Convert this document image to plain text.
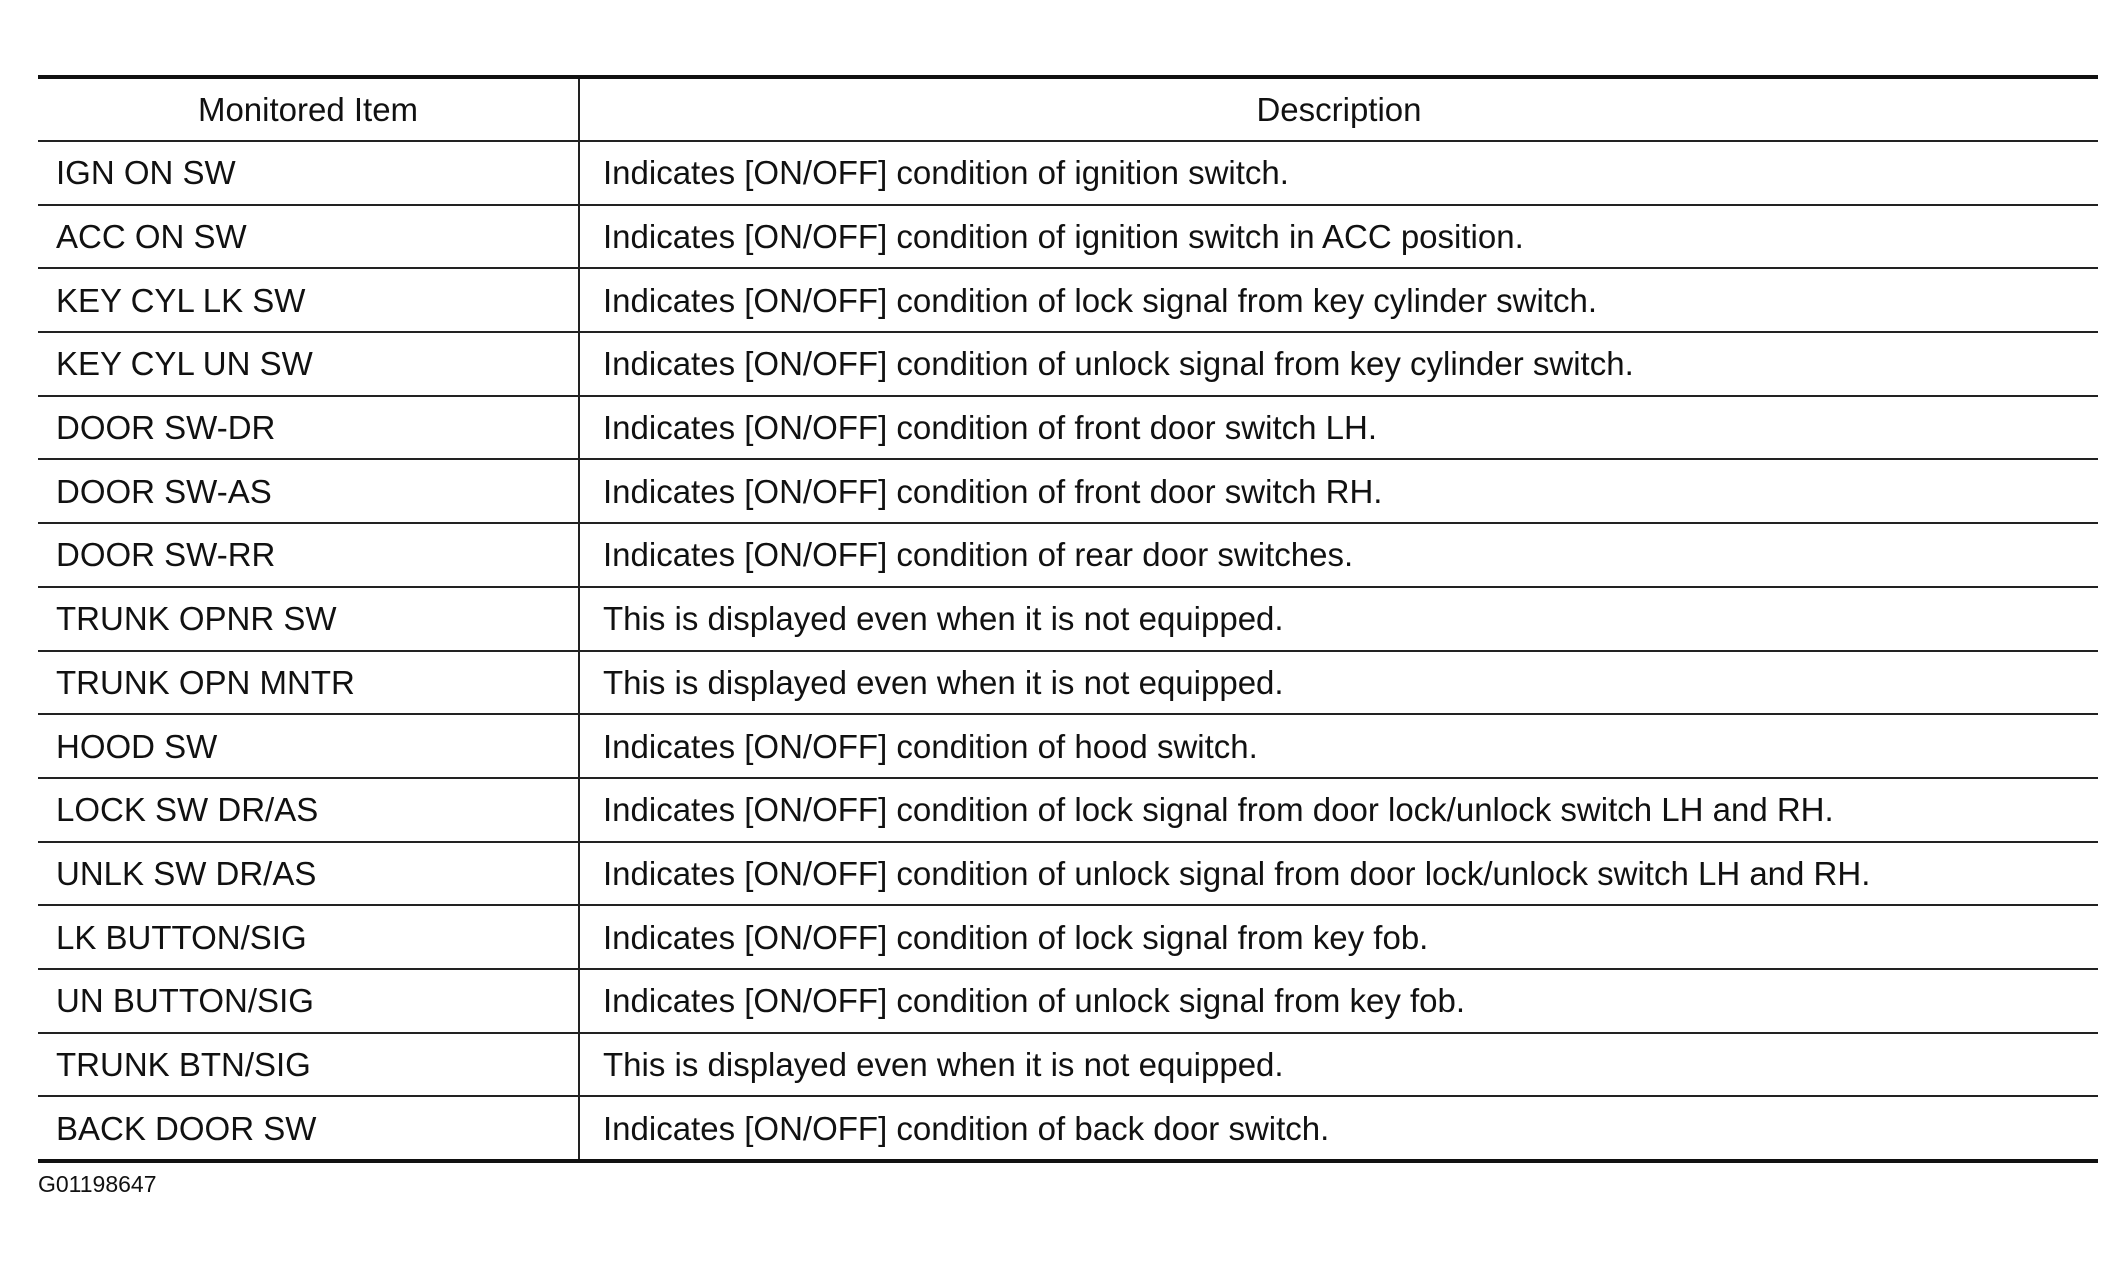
Monitored Item	Description
IGN ON SW	Indicates [ON/OFF] condition of ignition switch.
ACC ON SW	Indicates [ON/OFF] condition of ignition switch in ACC position.
KEY CYL LK SW	Indicates [ON/OFF] condition of lock signal from key cylinder switch.
KEY CYL UN SW	Indicates [ON/OFF] condition of unlock signal from key cylinder switch.
DOOR SW-DR	Indicates [ON/OFF] condition of front door switch LH.
DOOR SW-AS	Indicates [ON/OFF] condition of front door switch RH.
DOOR SW-RR	Indicates [ON/OFF] condition of rear door switches.
TRUNK OPNR SW	This is displayed even when it is not equipped.
TRUNK OPN MNTR	This is displayed even when it is not equipped.
HOOD SW	Indicates [ON/OFF] condition of hood switch.
LOCK SW DR/AS	Indicates [ON/OFF] condition of lock signal from door lock/unlock switch LH and RH.
UNLK SW DR/AS	Indicates [ON/OFF] condition of unlock signal from door lock/unlock switch LH and RH.
LK BUTTON/SIG	Indicates [ON/OFF] condition of lock signal from key fob.
UN BUTTON/SIG	Indicates [ON/OFF] condition of unlock signal from key fob.
TRUNK BTN/SIG	This is displayed even when it is not equipped.
BACK DOOR SW	Indicates [ON/OFF] condition of back door switch.
G01198647
